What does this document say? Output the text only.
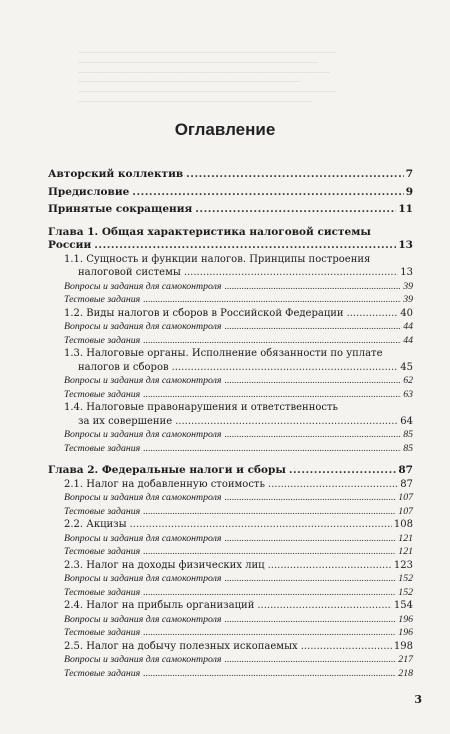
▔▔▔▔▔▔▔▔▔▔▔▔▔▔▔▔▔▔▔▔▔▔▔▔▔▔▔▔▔▔▔▔▔▔▔▔▔▔▔▔▔▔
▔▔▔▔▔▔▔▔▔▔▔▔▔▔▔▔▔▔▔▔▔▔▔▔▔▔▔▔▔▔▔▔▔▔▔▔▔▔▔
▔▔▔▔▔▔▔▔▔▔▔▔▔▔▔▔▔▔▔▔▔▔▔▔▔▔▔▔▔▔▔▔▔▔▔▔▔▔▔▔▔
▔▔▔▔▔▔▔▔▔▔▔▔▔▔▔▔▔▔▔▔▔▔▔▔▔▔▔▔▔▔▔▔▔▔▔▔
▔▔▔▔▔▔▔▔▔▔▔▔▔▔▔▔▔▔▔▔▔▔▔▔▔▔▔▔▔▔▔▔▔▔▔▔▔▔▔▔▔▔
▔▔▔▔▔▔▔▔▔▔▔▔▔▔▔▔▔▔▔▔▔▔▔▔▔▔▔▔▔▔▔▔▔▔▔▔▔▔
Оглавление
Авторский коллектив .....	7
Предисловие .....	9
Принятые сокращения .....	11
Глава 1. Общая характеристика налоговой системы
России .....	13
1.1. Сущность и функции налогов. Принципы построения
налоговой системы .....	13
Вопросы и задания для самоконтроля .....	39
Тестовые задания .....	39
1.2. Виды налогов и сборов в Российской Федерации .....	40
Вопросы и задания для самоконтроля .....	44
Тестовые задания .....	44
1.3. Налоговые органы. Исполнение обязанности по уплате
налогов и сборов .....	45
Вопросы и задания для самоконтроля .....	62
Тестовые задания .....	63
1.4. Налоговые правонарушения и ответственность
за их совершение .....	64
Вопросы и задания для самоконтроля .....	85
Тестовые задания .....	85
Глава 2. Федеральные налоги и сборы .....	87
2.1. Налог на добавленную стоимость .....	87
Вопросы и задания для самоконтроля .....	107
Тестовые задания .....	107
2.2. Акцизы .....	108
Вопросы и задания для самоконтроля .....	121
Тестовые задания .....	121
2.3. Налог на доходы физических лиц .....	123
Вопросы и задания для самоконтроля .....	152
Тестовые задания .....	152
2.4. Налог на прибыль организаций .....	154
Вопросы и задания для самоконтроля .....	196
Тестовые задания .....	196
2.5. Налог на добычу полезных ископаемых .....	198
Вопросы и задания для самоконтроля .....	217
Тестовые задания .....	218
3
